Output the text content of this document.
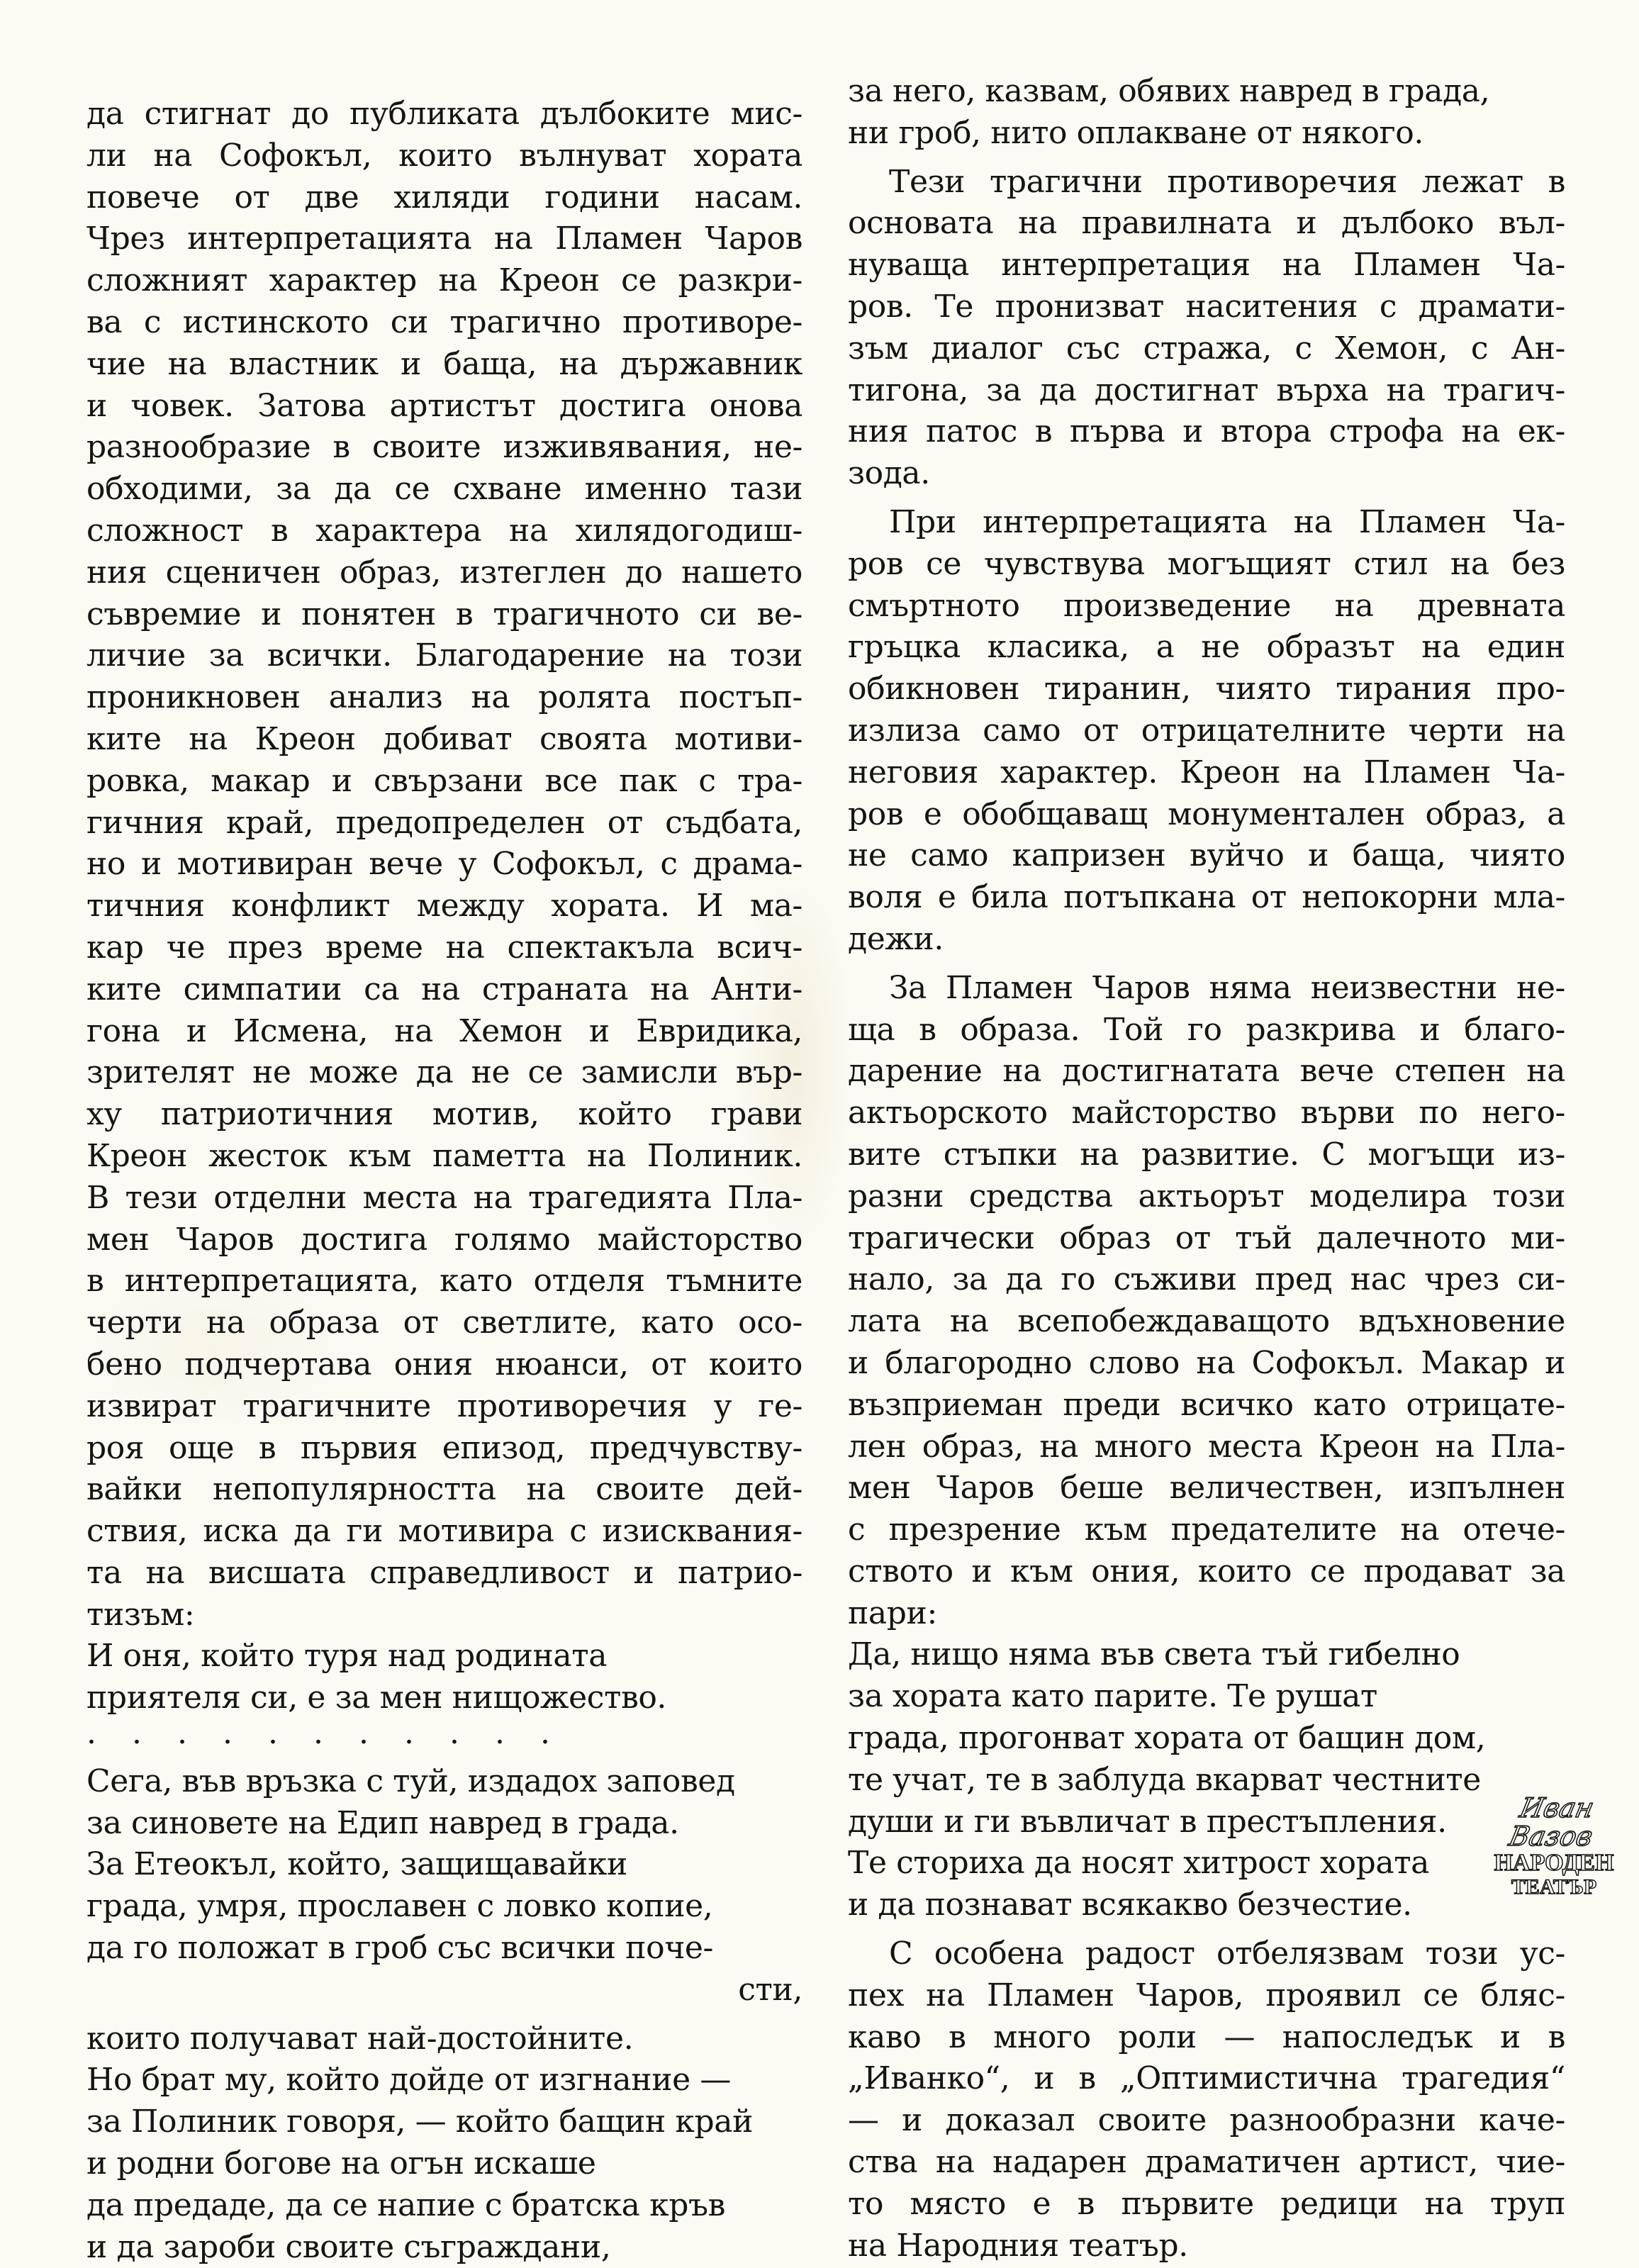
да стигнат до публиката дълбоките мис-
ли на Софокъл, които вълнуват хората
повече от две хиляди години насам.
Чрез интерпретацията на Пламен Чаров
сложният характер на Креон се разкри-
ва с истинското си трагично противоре-
чие на властник и баща, на държавник
и човек. Затова артистът достига онова
разнообразие в своите изживявания, не-
обходими, за да се схване именно тази
сложност в характера на хилядогодиш-
ния сценичен образ, изтеглен до нашето
съвремие и понятен в трагичното си ве-
личие за всички. Благодарение на този
проникновен анализ на ролята постъп-
ките на Креон добиват своята мотиви-
ровка, макар и свързани все пак с тра-
гичния край, предопределен от съдбата,
но и мотивиран вече у Софокъл, с драма-
тичния конфликт между хората. И ма-
кар че през време на спектакъла всич-
ките симпатии са на страната на Анти-
гона и Исмена, на Хемон и Евридика,
зрителят не може да не се замисли вър-
ху патриотичния мотив, който грави
Креон жесток към паметта на Полиник.
В тези отделни места на трагедията Пла-
мен Чаров достига голямо майсторство
в интерпретацията, като отделя тъмните
черти на образа от светлите, като осо-
бено подчертава ония нюанси, от които
извират трагичните противоречия у ге-
роя още в първия епизод, предчувству-
вайки непопулярността на своите дей-
ствия, иска да ги мотивира с изисквания-
та на висшата справедливост и патрио-
тизъм:
И оня, който туря над родината
приятеля си, е за мен нищожество.
. . . . . . . . . . .
Сега, във връзка с туй, издадох заповед
за синовете на Едип навред в града.
За Етеокъл, който, защищавайки
града, умря, прославен с ловко копие,
да го положат в гроб със всички поче-
сти,
които получават най-достойните.
Но брат му, който дойде от изгнание —
за Полиник говоря, — който бащин край
и родни богове на огън искаше
да предаде, да се напие с братска кръв
и да зароби своите съграждани,
за него, казвам, обявих навред в града,
ни гроб, нито оплакване от някого.
Тези трагични противоречия лежат в
основата на правилната и дълбоко въл-
нуваща интерпретация на Пламен Ча-
ров. Те пронизват наситения с драмати-
зъм диалог със стража, с Хемон, с Ан-
тигона, за да достигнат върха на трагич-
ния патос в първа и втора строфа на ек-
зода.
При интерпретацията на Пламен Ча-
ров се чувствува могъщият стил на без
смъртното произведение на древната
гръцка класика, а не образът на един
обикновен тиранин, чиято тирания про-
излиза само от отрицателните черти на
неговия характер. Креон на Пламен Ча-
ров е обобщаващ монументален образ, а
не само капризен вуйчо и баща, чиято
воля е била потъпкана от непокорни мла-
дежи.
За Пламен Чаров няма неизвестни не-
ща в образа. Той го разкрива и благо-
дарение на достигнатата вече степен на
актьорското майсторство върви по него-
вите стъпки на развитие. С могъщи из-
разни средства актьорът моделира този
трагически образ от тъй далечното ми-
нало, за да го съживи пред нас чрез си-
лата на всепобеждаващото вдъхновение
и благородно слово на Софокъл. Макар и
възприеман преди всичко като отрицате-
лен образ, на много места Креон на Пла-
мен Чаров беше величествен, изпълнен
с презрение към предателите на отече-
ството и към ония, които се продават за
пари:
Да, нищо няма във света тъй гибелно
за хората като парите. Те рушат
града, прогонват хората от бащин дом,
те учат, те в заблуда вкарват честните
души и ги въвличат в престъпления.
Те сториха да носят хитрост хората
и да познават всякакво безчестие.
С особена радост отбелязвам този ус-
пех на Пламен Чаров, проявил се бляс-
каво в много роли — напоследък и в
„Иванко“, и в „Оптимистична трагедия“
— и доказал своите разнообразни каче-
ства на надарен драматичен артист, чие-
то място е в първите редици на труп
на Народния театър.
Иван Вазов
НАРОДЕН
ТЕАТЪР
